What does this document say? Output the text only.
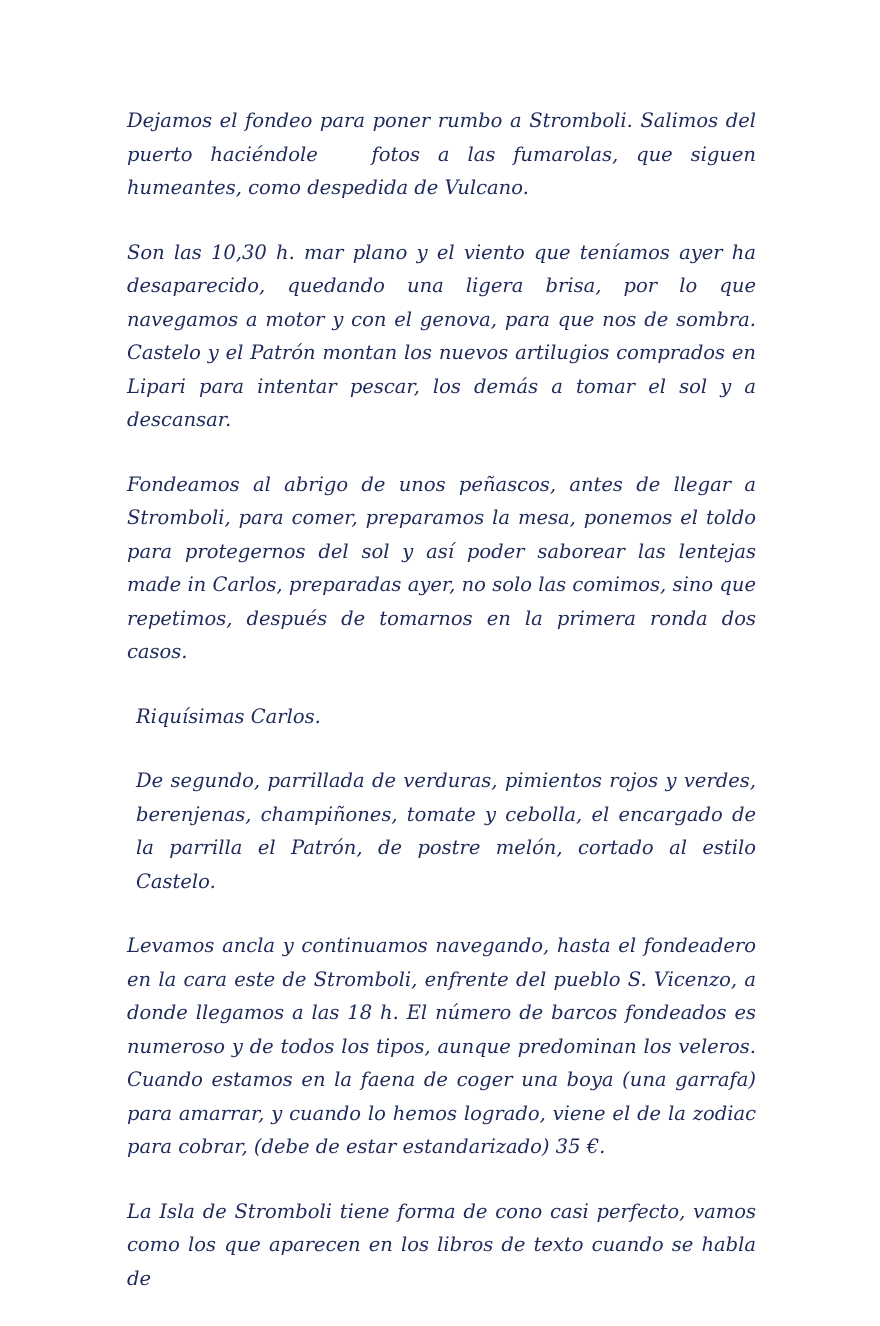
Dejamos el fondeo para poner rumbo a Stromboli. Salimos del puerto haciéndole   fotos a las fumarolas, que siguen humeantes, como despedida de Vulcano.

Son las 10,30 h. mar plano y el viento que teníamos ayer ha desaparecido, quedando una ligera brisa, por lo que navegamos a motor y con el genova, para que nos de sombra. Castelo y el Patrón montan los nuevos artilugios comprados en Lipari para intentar pescar, los demás a tomar el sol y a descansar.

Fondeamos al abrigo de unos peñascos, antes de llegar a Stromboli, para comer, preparamos la mesa, ponemos el toldo para protegernos del sol y así poder saborear las lentejas made in Carlos, preparadas ayer, no solo las comimos, sino que repetimos, después de tomarnos en la primera ronda dos casos.

Riquísimas Carlos.

De segundo, parrillada de verduras, pimientos rojos y verdes, berenjenas, champiñones, tomate y cebolla, el encargado de la parrilla el Patrón, de postre melón, cortado al estilo Castelo.

Levamos ancla y continuamos navegando, hasta el fondeadero en la cara este de Stromboli, enfrente del pueblo S. Vicenzo, a donde llegamos a las 18 h. El número de barcos fondeados es numeroso y de todos los tipos, aunque predominan los veleros. Cuando estamos en la faena de coger una boya (una garrafa) para amarrar, y cuando lo hemos logrado, viene el de la zodiac para cobrar, (debe de estar estandarizado) 35 €.

La Isla de Stromboli tiene forma de cono casi perfecto, vamos como los que aparecen en los libros de texto cuando se habla de
